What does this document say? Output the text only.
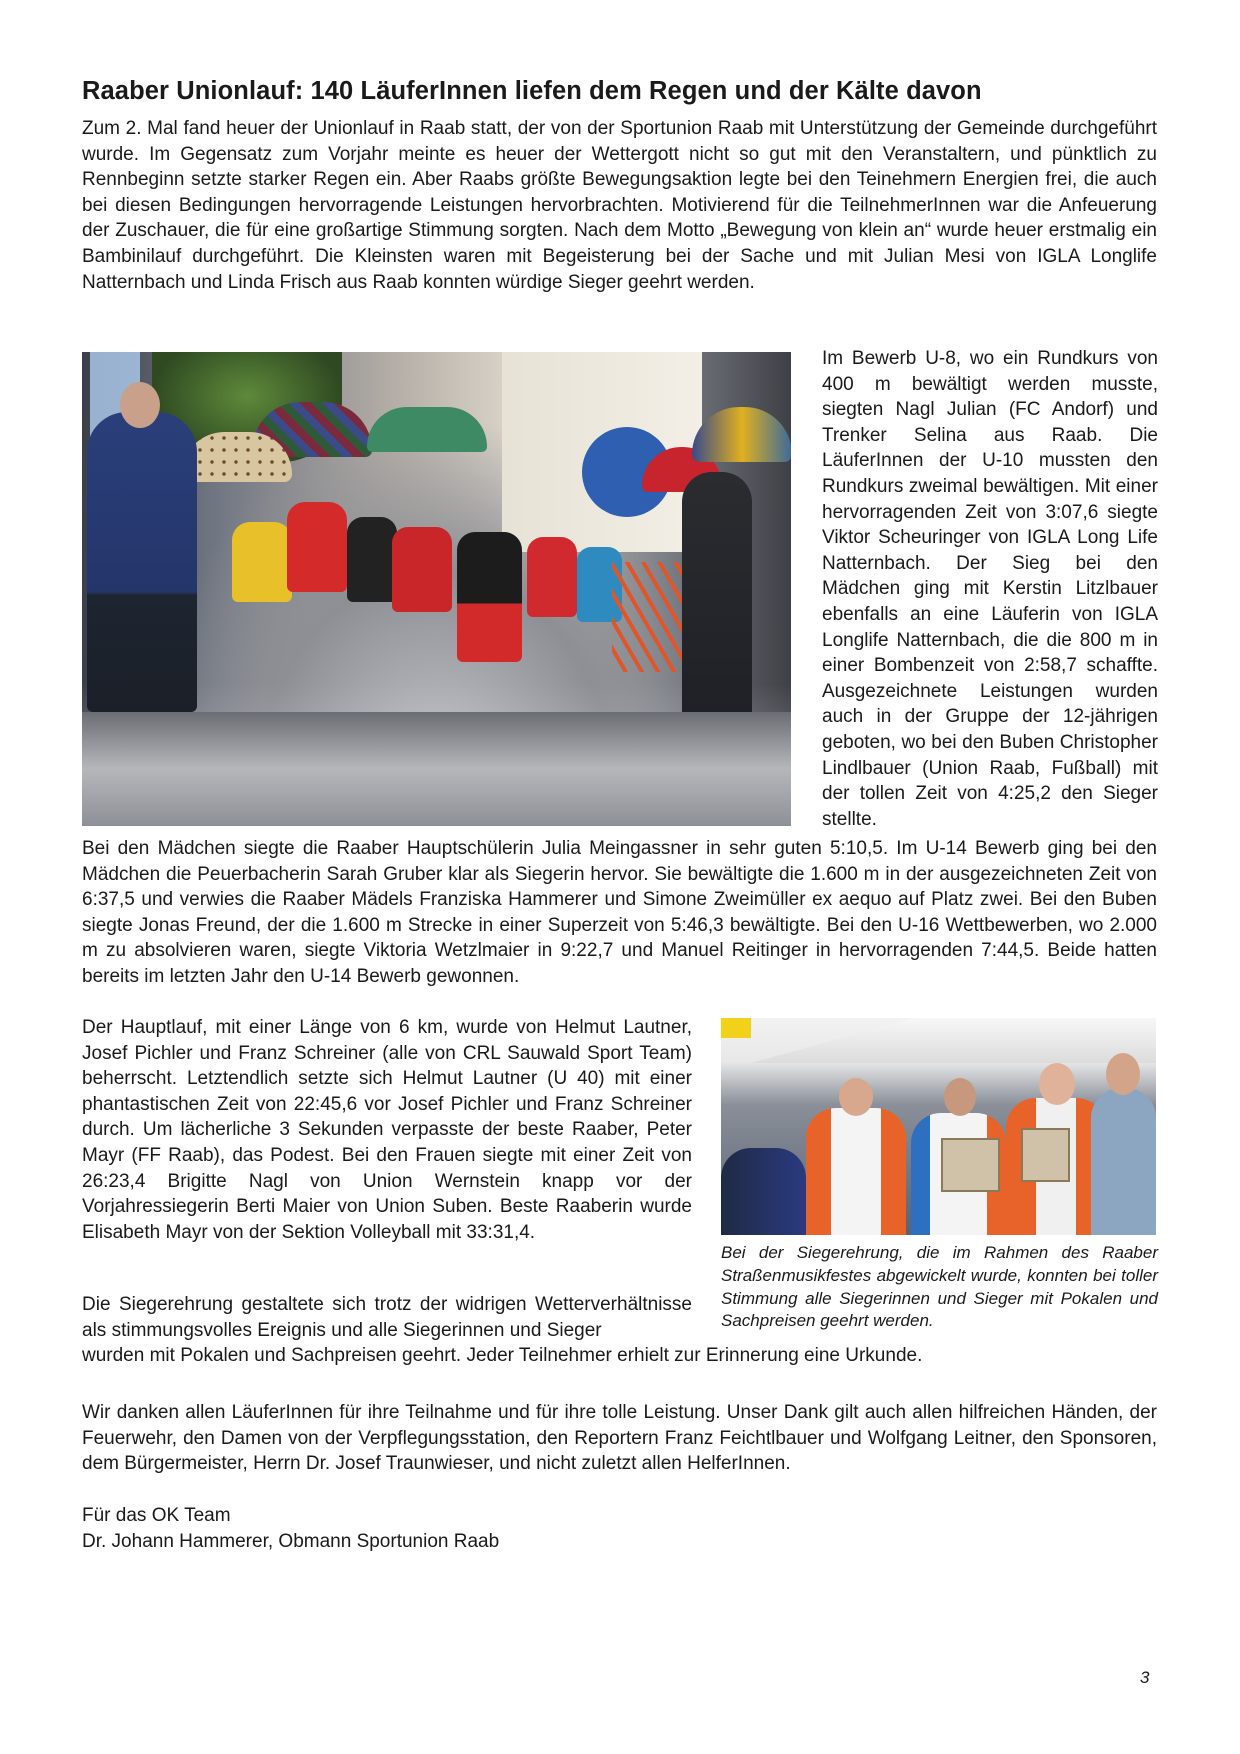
Raaber Unionlauf: 140 LäuferInnen liefen dem Regen und der Kälte davon
Zum 2. Mal fand heuer der Unionlauf in Raab statt, der von der Sportunion Raab mit Unterstützung der Gemeinde durchgeführt wurde. Im Gegensatz zum Vorjahr meinte es heuer der Wettergott nicht so gut mit den Veranstaltern, und pünktlich zu Rennbeginn setzte starker Regen ein. Aber Raabs größte Bewegungsaktion legte bei den Teinehmern Energien frei, die auch bei diesen Bedingungen hervorragende Leistungen hervorbrachten. Motivierend für die TeilnehmerInnen war die Anfeuerung der Zuschauer, die für eine großartige Stimmung sorgten. Nach dem Motto „Bewegung von klein an“ wurde heuer erstmalig ein Bambinilauf durchgeführt. Die Kleinsten waren mit Begeisterung bei der Sache und mit Julian Mesi von IGLA Longlife Natternbach und Linda Frisch aus Raab konnten würdige Sieger geehrt werden.
Im Bewerb U-8, wo ein Rundkurs von 400 m bewältigt werden musste, siegten Nagl Julian (FC Andorf) und Trenker Selina aus Raab. Die LäuferInnen der U-10 mussten den Rundkurs zweimal bewältigen. Mit einer hervorragenden Zeit von 3:07,6 siegte Viktor Scheuringer von IGLA Long Life Natternbach. Der Sieg bei den Mädchen ging mit Kerstin Litzlbauer ebenfalls an eine Läuferin von IGLA Longlife Natternbach, die die 800 m in einer Bombenzeit von 2:58,7 schaffte. Ausgezeichnete Leistungen wurden auch in der Gruppe der 12-jährigen geboten, wo bei den Buben Christopher Lindlbauer (Union Raab, Fußball) mit der tollen Zeit von 4:25,2 den Sieger stellte.
Bei den Mädchen siegte die Raaber Hauptschülerin Julia Meingassner in sehr guten 5:10,5. Im U-14 Bewerb ging bei den Mädchen die Peuerbacherin Sarah Gruber klar als Siegerin hervor. Sie bewältigte die 1.600 m in der ausgezeichneten Zeit von 6:37,5 und verwies die Raaber Mädels Franziska Hammerer und Simone Zweimüller ex aequo auf Platz zwei. Bei den Buben siegte Jonas Freund, der die 1.600 m Strecke in einer Superzeit von 5:46,3 bewältigte. Bei den U-16 Wettbewerben, wo 2.000 m zu absolvieren waren, siegte Viktoria Wetzlmaier in 9:22,7 und Manuel Reitinger in hervorragenden 7:44,5. Beide hatten bereits im letzten Jahr den U-14 Bewerb gewonnen.
Der Hauptlauf, mit einer Länge von 6 km, wurde von Helmut Lautner, Josef Pichler und Franz Schreiner (alle von CRL Sauwald Sport Team) beherrscht. Letztendlich setzte sich Helmut Lautner (U 40) mit einer phantastischen Zeit von 22:45,6 vor Josef Pichler und Franz Schreiner durch. Um lächerliche 3 Sekunden verpasste der beste Raaber, Peter Mayr (FF Raab), das Podest. Bei den Frauen siegte mit einer Zeit von 26:23,4 Brigitte Nagl von Union Wernstein knapp vor der Vorjahressiegerin Berti Maier von Union Suben. Beste Raaberin wurde Elisabeth Mayr von der Sektion Volleyball mit 33:31,4.
Bei der Siegerehrung, die im Rahmen des Raaber Straßenmusikfestes abgewickelt wurde, konnten bei toller Stimmung alle Siegerinnen und Sieger mit Pokalen und Sachpreisen geehrt werden.
Die Siegerehrung gestaltete sich trotz der widrigen Wetterverhältnisse als stimmungsvolles Ereignis und alle Siegerinnen und Sieger
wurden mit Pokalen und Sachpreisen geehrt. Jeder Teilnehmer erhielt zur Erinnerung eine Urkunde.
Wir danken allen LäuferInnen für ihre Teilnahme und für ihre tolle Leistung. Unser Dank gilt auch allen hilfreichen Händen, der Feuerwehr, den Damen von der Verpflegungsstation, den Reportern Franz Feichtlbauer und Wolfgang Leitner, den Sponsoren, dem Bürgermeister, Herrn Dr. Josef Traunwieser, und nicht zuletzt allen HelferInnen.
Für das OK Team
Dr. Johann Hammerer, Obmann Sportunion Raab
3
